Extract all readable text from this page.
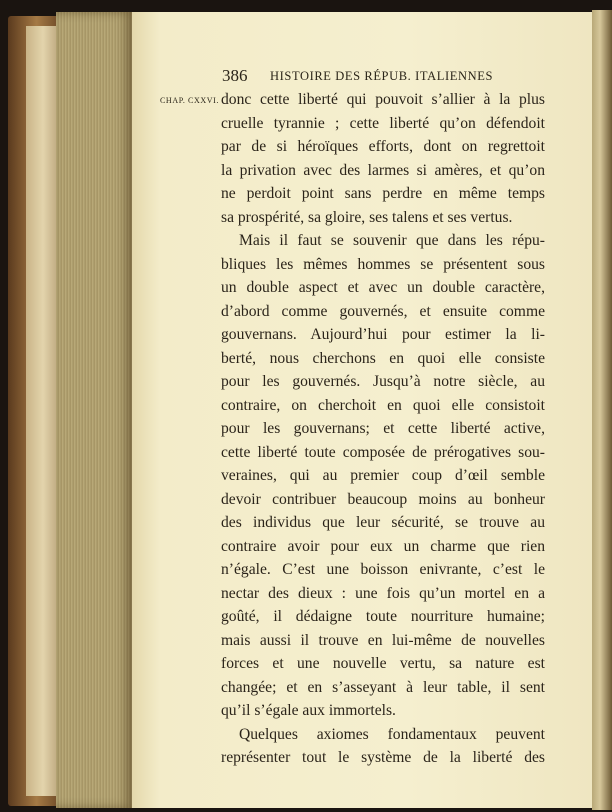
386 HISTOIRE DES RÉPUB. ITALIENNES
CHAP. CXXVI. donc cette liberté qui pouvoit s’allier à la plus
cruelle tyrannie ; cette liberté qu’on défendoit
par de si héroïques efforts, dont on regrettoit
la privation avec des larmes si amères, et qu’on
ne perdoit point sans perdre en même temps
sa prospérité, sa gloire, ses talens et ses vertus.
Mais il faut se souvenir que dans les répu-
bliques les mêmes hommes se présentent sous
un double aspect et avec un double caractère,
d’abord comme gouvernés, et ensuite comme
gouvernans. Aujourd’hui pour estimer la li-
berté, nous cherchons en quoi elle consiste
pour les gouvernés. Jusqu’à notre siècle, au
contraire, on cherchoit en quoi elle consistoit
pour les gouvernans; et cette liberté active,
cette liberté toute composée de prérogatives sou-
veraines, qui au premier coup d’œil semble
devoir contribuer beaucoup moins au bonheur
des individus que leur sécurité, se trouve au
contraire avoir pour eux un charme que rien
n’égale. C’est une boisson enivrante, c’est le
nectar des dieux : une fois qu’un mortel en a
goûté, il dédaigne toute nourriture humaine;
mais aussi il trouve en lui-même de nouvelles
forces et une nouvelle vertu, sa nature est
changée; et en s’asseyant à leur table, il sent
qu’il s’égale aux immortels.
Quelques axiomes fondamentaux peuvent
représenter tout le système de la liberté des
